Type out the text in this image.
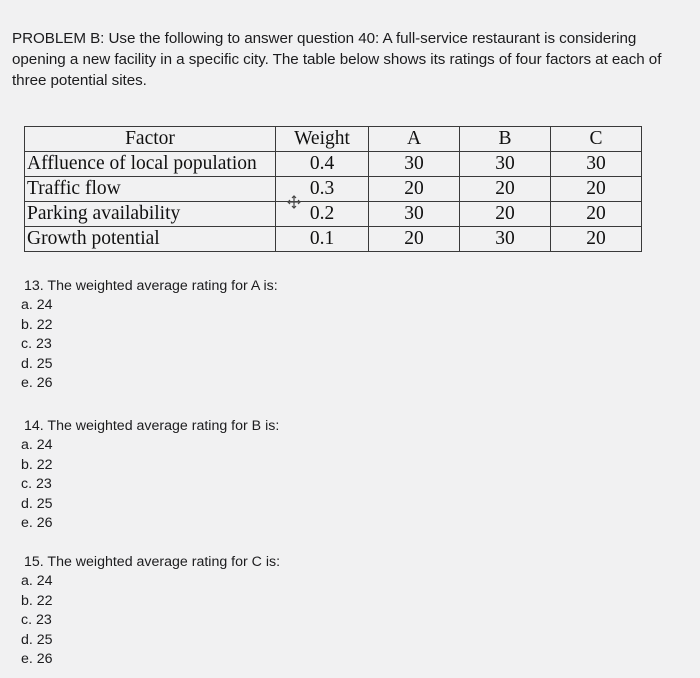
PROBLEM B: Use the following to answer question 40: A full-service restaurant is considering opening a new facility in a specific city. The table below shows its ratings of four factors at each of three potential sites.
Factor	Weight	A	B	C
Affluence of local population	0.4	30	30	30
Traffic flow	0.3	20	20	20
Parking availability	0.2	30	20	20
Growth potential	0.1	20	30	20

13. The weighted average rating for A is:

a. 24
b. 22
c. 23
d. 25
e. 26

14. The weighted average rating for B is:

a. 24
b. 22
c. 23
d. 25
e. 26

15. The weighted average rating for C is:

a. 24
b. 22
c. 23
d. 25
e. 26
